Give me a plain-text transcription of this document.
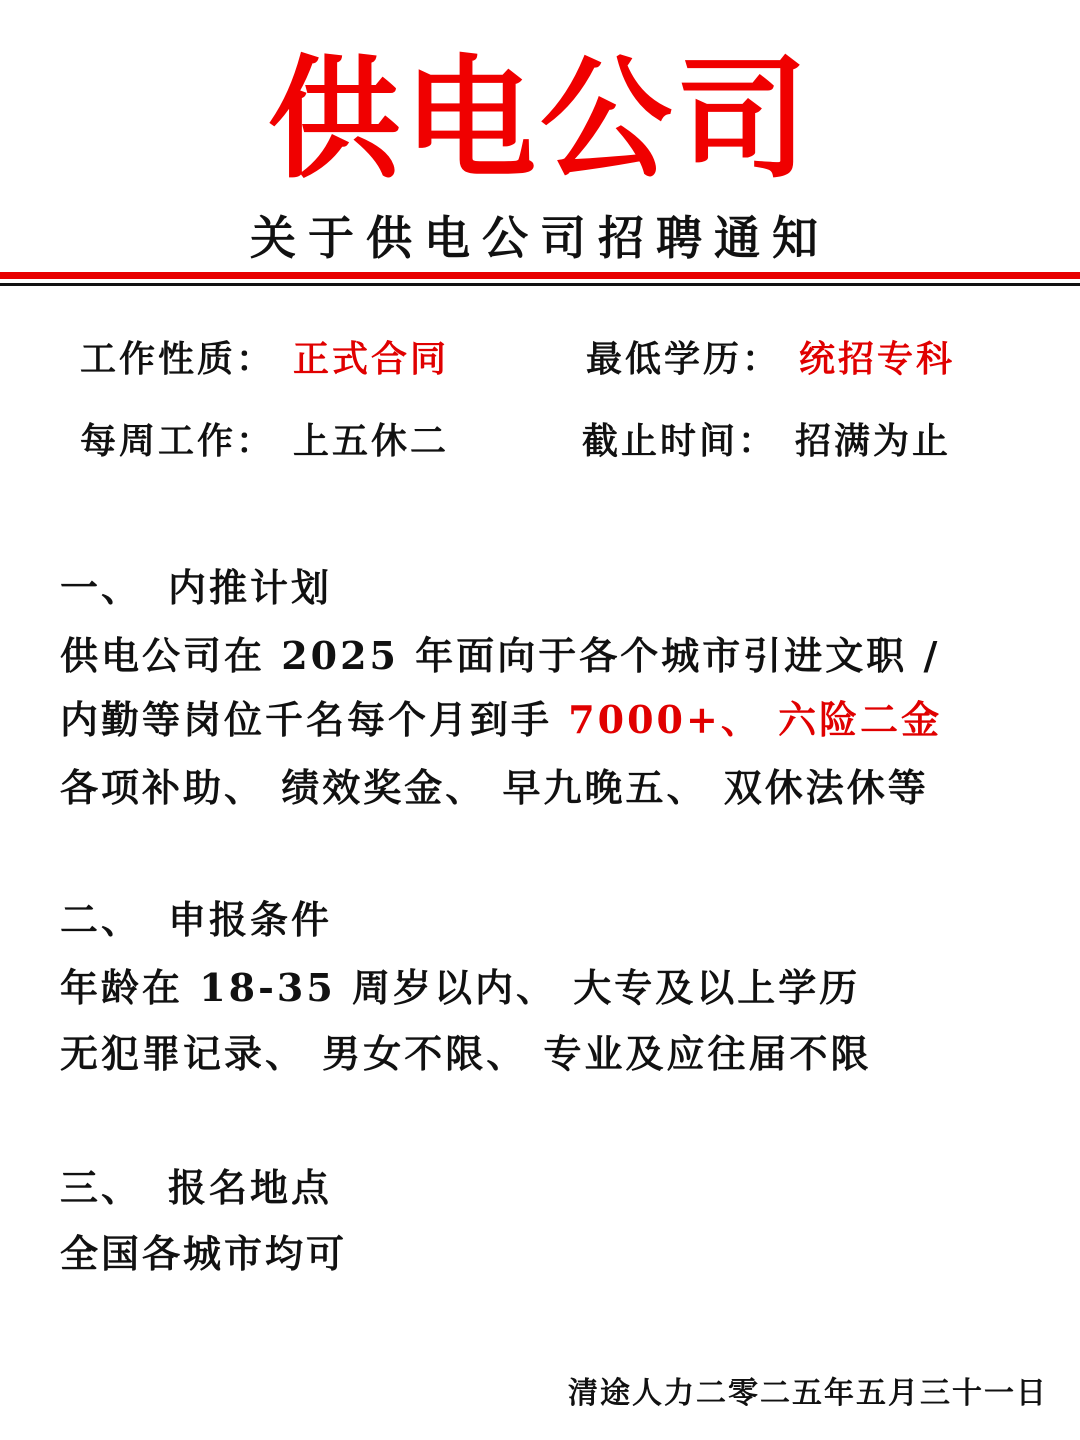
供电公司
关于供电公司招聘通知
工作性质： 正式合同	最低学历： 统招专科
每周工作： 上五休二	截止时间： 招满为止
一、 内推计划
供电公司在 2025 年面向于各个城市引进文职 /
内勤等岗位千名每个月到手 7000+、 六险二金
各项补助、 绩效奖金、 早九晚五、 双休法休等
二、 申报条件
年龄在 18-35 周岁以内、 大专及以上学历
无犯罪记录、 男女不限、 专业及应往届不限
三、 报名地点
全国各城市均可
清途人力二零二五年五月三十一日
